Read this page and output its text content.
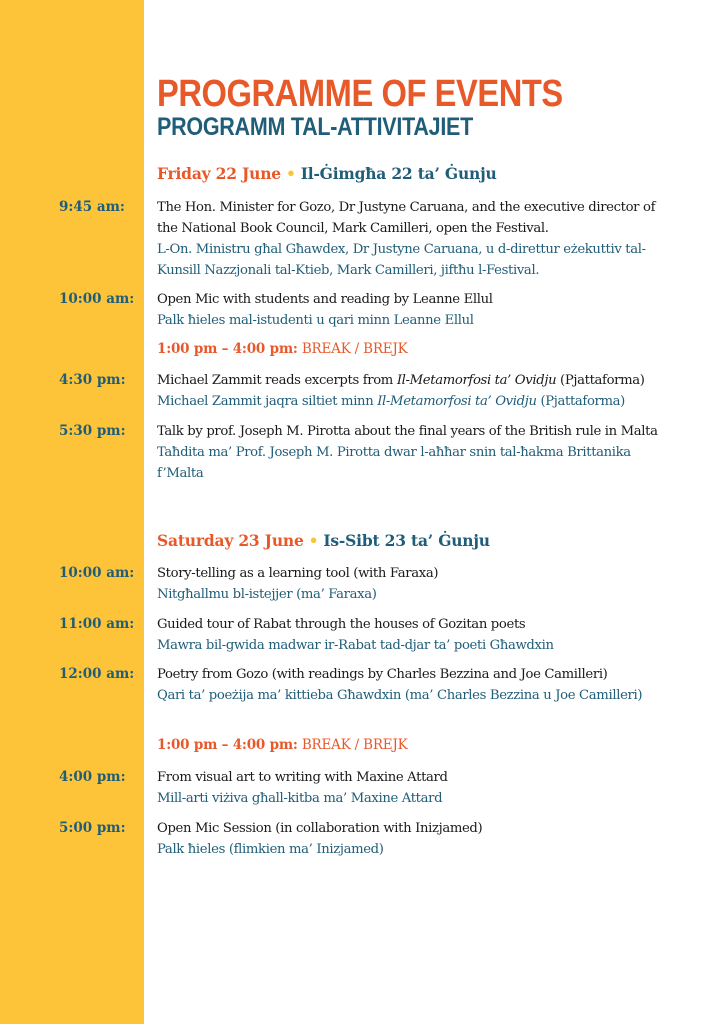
PROGRAMME OF EVENTS
PROGRAMM TAL-ATTIVITAJIET
Friday 22 June • Il-Ġimgħa 22 ta’ Ġunju
9:45 am: The Hon. Minister for Gozo, Dr Justyne Caruana, and the executive director of the National Book Council, Mark Camilleri, open the Festival.
L-On. Ministru għal Għawdex, Dr Justyne Caruana, u d-direttur eżekuttiv tal-Kunsill Nazzjonali tal-Ktieb, Mark Camilleri, jiftħu l-Festival.
10:00 am: Open Mic with students and reading by Leanne Ellul
Palk ħieles mal-istudenti u qari minn Leanne Ellul
1:00 pm – 4:00 pm: BREAK / BREJK
4:30 pm: Michael Zammit reads excerpts from Il-Metamorfosi ta’ Ovidju (Pjattaforma)
Michael Zammit jaqra siltiet minn Il-Metamorfosi ta’ Ovidju (Pjattaforma)
5:30 pm: Talk by prof. Joseph M. Pirotta about the final years of the British rule in Malta
Taħdita ma’ Prof. Joseph M. Pirotta dwar l-aħħar snin tal-ħakma Brittanika f’Malta
Saturday 23 June • Is-Sibt 23 ta’ Ġunju
10:00 am: Story-telling as a learning tool (with Faraxa)
Nitgħallmu bl-istejjer (ma’ Faraxa)
11:00 am: Guided tour of Rabat through the houses of Gozitan poets
Mawra bil-gwida madwar ir-Rabat tad-djar ta’ poeti Għawdxin
12:00 am: Poetry from Gozo (with readings by Charles Bezzina and Joe Camilleri)
Qari ta’ poeżija ma’ kittieba Għawdxin (ma’ Charles Bezzina u Joe Camilleri)
1:00 pm – 4:00 pm: BREAK / BREJK
4:00 pm: From visual art to writing with Maxine Attard
Mill-arti viżiva għall-kitba ma’ Maxine Attard
5:00 pm: Open Mic Session (in collaboration with Inizjamed)
Palk ħieles (flimkien ma’ Inizjamed)
